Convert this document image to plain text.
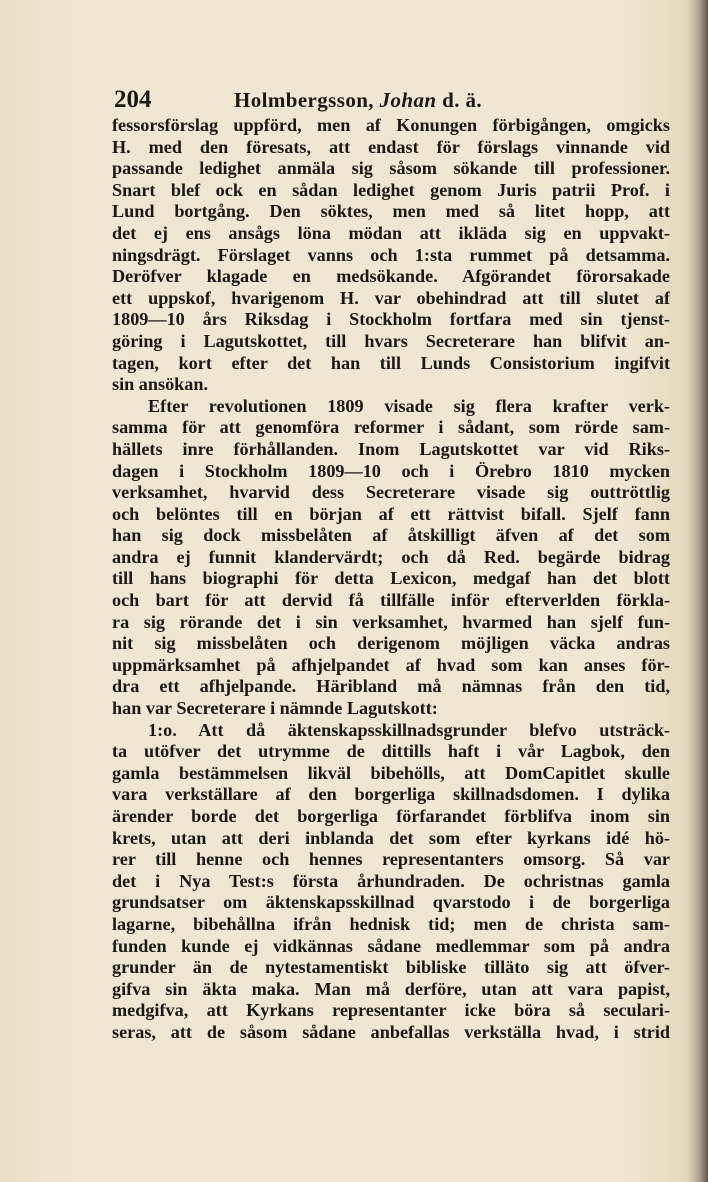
204	Holmbergsson, Johan d. ä.
fessorsförslag uppförd, men af Konungen förbigången, omgicks
H. med den föresats, att endast för förslags vinnande vid
passande ledighet anmäla sig såsom sökande till professioner.
Snart blef ock en sådan ledighet genom Juris patrii Prof. i
Lund bortgång. Den söktes, men med så litet hopp, att
det ej ens ansågs löna mödan att ikläda sig en uppvakt-
ningsdrägt. Förslaget vanns och 1:sta rummet på detsamma.
Deröfver klagade en medsökande. Afgörandet förorsakade
ett uppskof, hvarigenom H. var obehindrad att till slutet af
1809—10 års Riksdag i Stockholm fortfara med sin tjenst-
göring i Lagutskottet, till hvars Secreterare han blifvit an-
tagen, kort efter det han till Lunds Consistorium ingifvit
sin ansökan.
Efter revolutionen 1809 visade sig flera krafter verk-
samma för att genomföra reformer i sådant, som rörde sam-
hällets inre förhållanden. Inom Lagutskottet var vid Riks-
dagen i Stockholm 1809—10 och i Örebro 1810 mycken
verksamhet, hvarvid dess Secreterare visade sig outtröttlig
och belöntes till en början af ett rättvist bifall. Sjelf fann
han sig dock missbelåten af åtskilligt äfven af det som
andra ej funnit klandervärdt; och då Red. begärde bidrag
till hans biographi för detta Lexicon, medgaf han det blott
och bart för att dervid få tillfälle inför efterverlden förkla-
ra sig rörande det i sin verksamhet, hvarmed han sjelf fun-
nit sig missbelåten och derigenom möjligen väcka andras
uppmärksamhet på afhjelpandet af hvad som kan anses för-
dra ett afhjelpande. Häribland må nämnas från den tid,
han var Secreterare i nämnde Lagutskott:
1:o. Att då äktenskapsskillnadsgrunder blefvo utsträck-
ta utöfver det utrymme de dittills haft i vår Lagbok, den
gamla bestämmelsen likväl bibehölls, att DomCapitlet skulle
vara verkställare af den borgerliga skillnadsdomen. I dylika
ärender borde det borgerliga förfarandet förblifva inom sin
krets, utan att deri inblanda det som efter kyrkans idé hö-
rer till henne och hennes representanters omsorg. Så var
det i Nya Test:s första århundraden. De ochristnas gamla
grundsatser om äktenskapsskillnad qvarstodo i de borgerliga
lagarne, bibehållna ifrån hednisk tid; men de christa sam-
funden kunde ej vidkännas sådane medlemmar som på andra
grunder än de nytestamentiskt bibliske tilläto sig att öfver-
gifva sin äkta maka. Man må derföre, utan att vara papist,
medgifva, att Kyrkans representanter icke böra så seculari-
seras, att de såsom sådane anbefallas verkställa hvad, i strid
